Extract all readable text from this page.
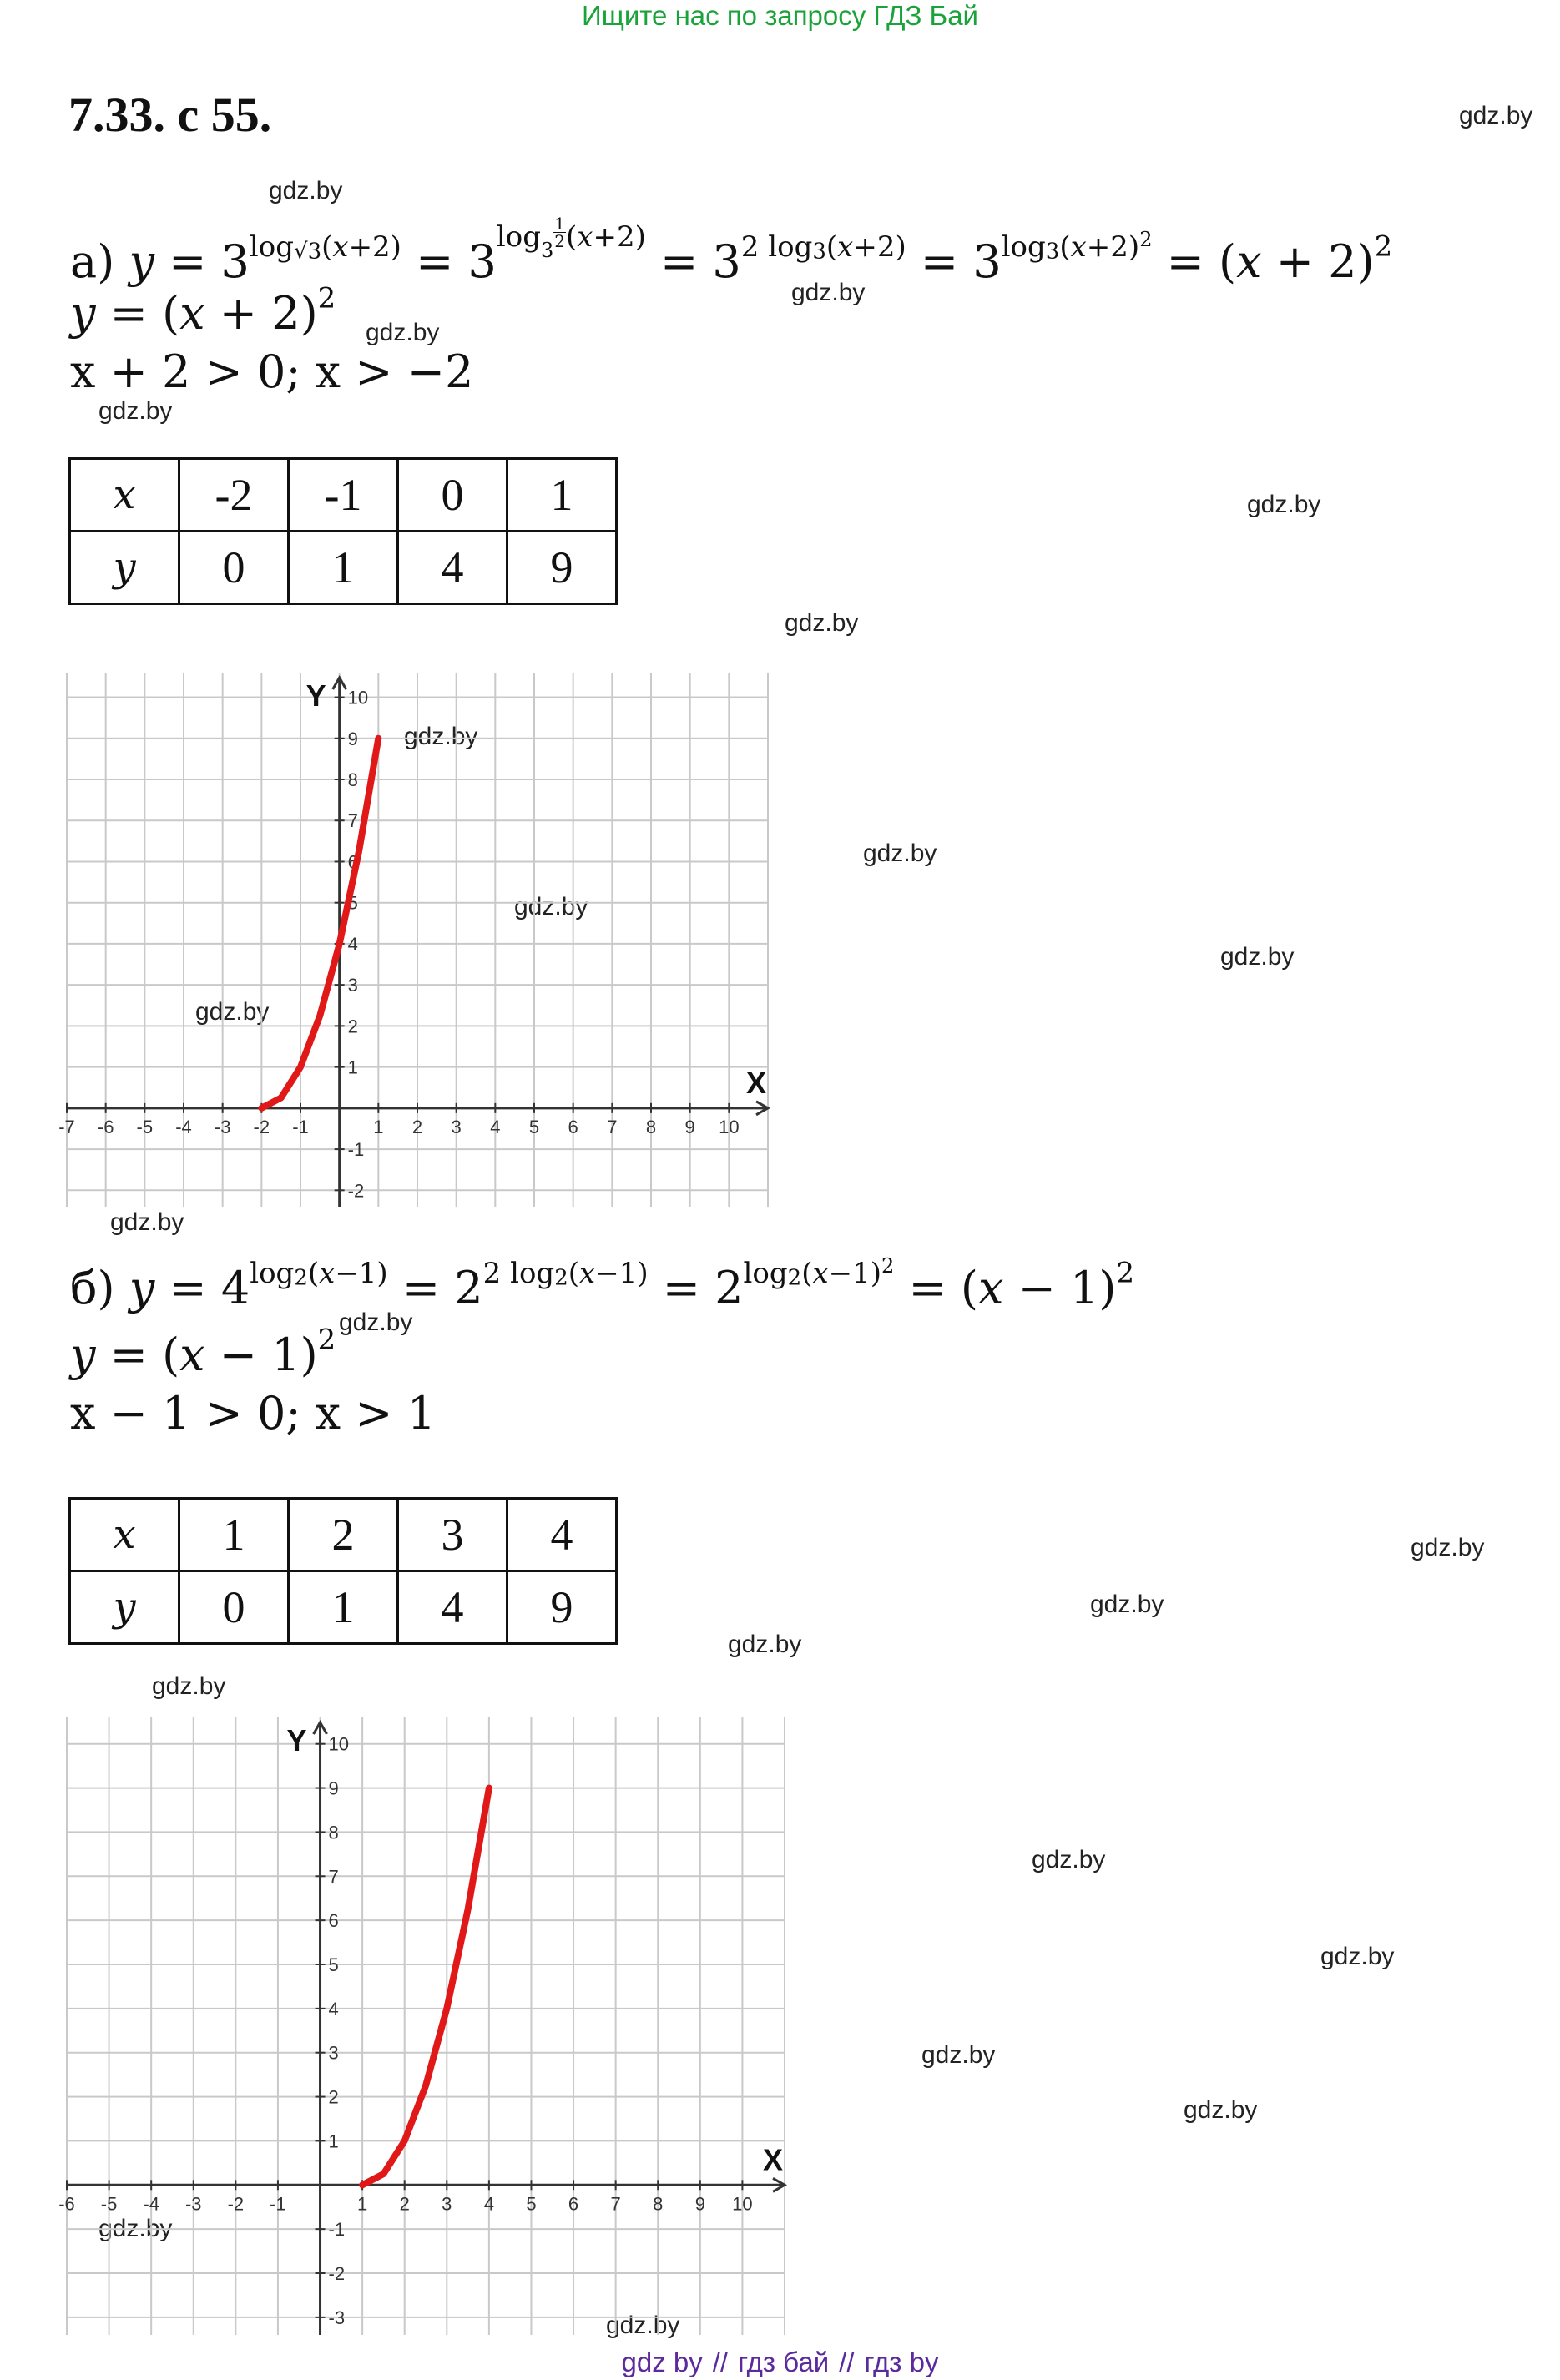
Ищите нас по запросу ГДЗ Бай
7.33. с 55.	gdz.by
gdz.by
gdz.by
gdz.by
gdz.by
gdz.by
gdz.by
gdz.by
gdz.by
gdz.by
gdz.by
gdz.by
gdz.by
gdz.by
gdz.by
gdz.by
gdz.by
gdz.by
gdz.by
gdz.by
gdz.by
gdz.by
gdz.by
gdz.by
а) $y = 3^{log_{√3}(x+2)} = 3^{log3 \frac{1}{2} (x+2)} = 3^{2 log_3(x+2)} = 3^{log_3(x+2)^2} = (x + 2)^2$
$y = (x + 2)^2$
x + 2 > 0; x > −2
x	-2	-1	0	1
y	0	1	4	9
X
Y
-7 -6 -5 -4 -3 -2 -1	1 2 3 4 5 6 7 8 9 10
-2
-1
1
2
3
4
5
6
7
8
9
10
б) $y = 4^{log_2(x-1)} = 2^{2 log_2(x-1)} = 2^{log_2(x-1)^2} = (x - 1)^2$
$y = (x - 1)^2$
x − 1 > 0; x > 1
x	1	2	3	4
y	0	1	4	9
X
Y
-6 -5 -4 -3 -2 -1	1 2 3 4 5 6 7 8 9 10
-3
-2
-1
1
2
3
4
5
6
7
8
9
10
gdz by // гдз бай // гдз by
